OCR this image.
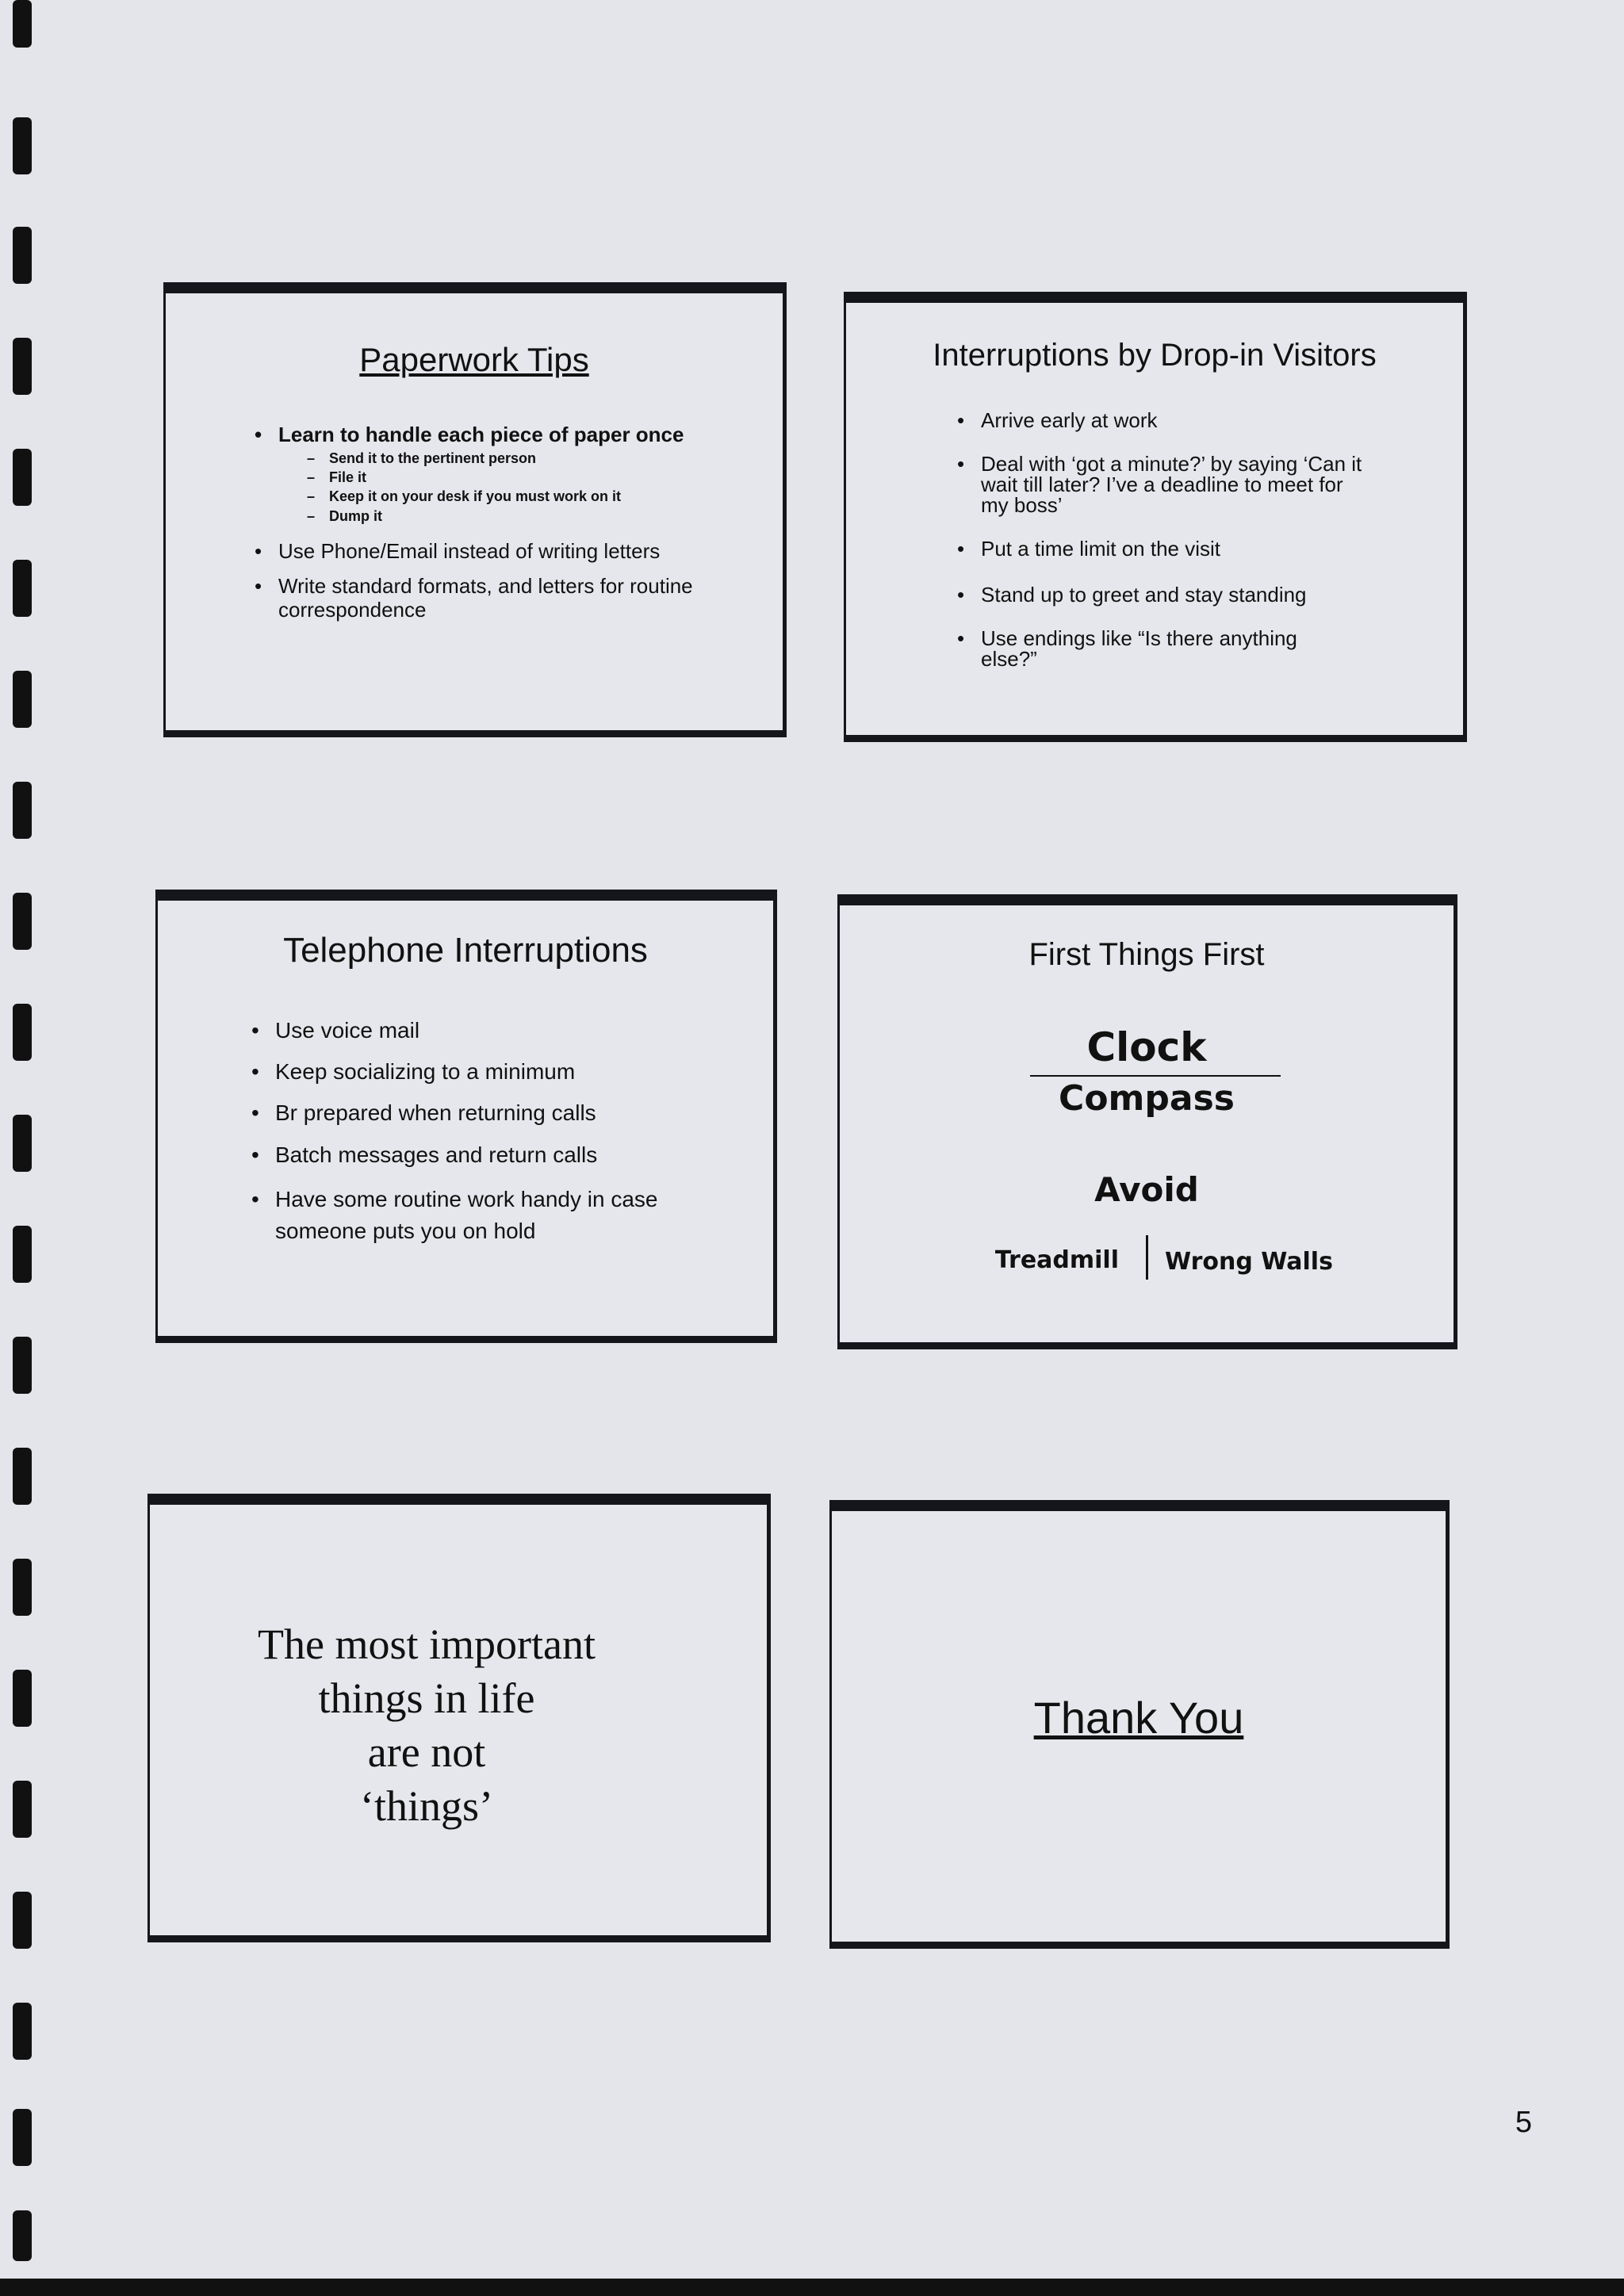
Paperwork Tips
• Learn to handle each piece of paper once
– Send it to the pertinent person
– File it
– Keep it on your desk if you must work on it
– Dump it
• Use Phone/Email instead of writing letters
• Write standard formats, and letters for routine correspondence
Interruptions by Drop-in Visitors
• Arrive early at work
• Deal with ‘got a minute?’ by saying ‘Can it wait till later? I’ve a deadline to meet for my boss’
• Put a time limit on the visit
• Stand up to greet and stay standing
• Use endings like “Is there anything else?”
Telephone Interruptions
• Use voice mail
• Keep socializing to a minimum
• Br prepared when returning calls
• Batch messages and return calls
• Have some routine work handy in case someone puts you on hold
First Things First
Clock
Compass
Avoid
Treadmill Wrong Walls
The most important
things in life
are not
‘things’
Thank You
5
